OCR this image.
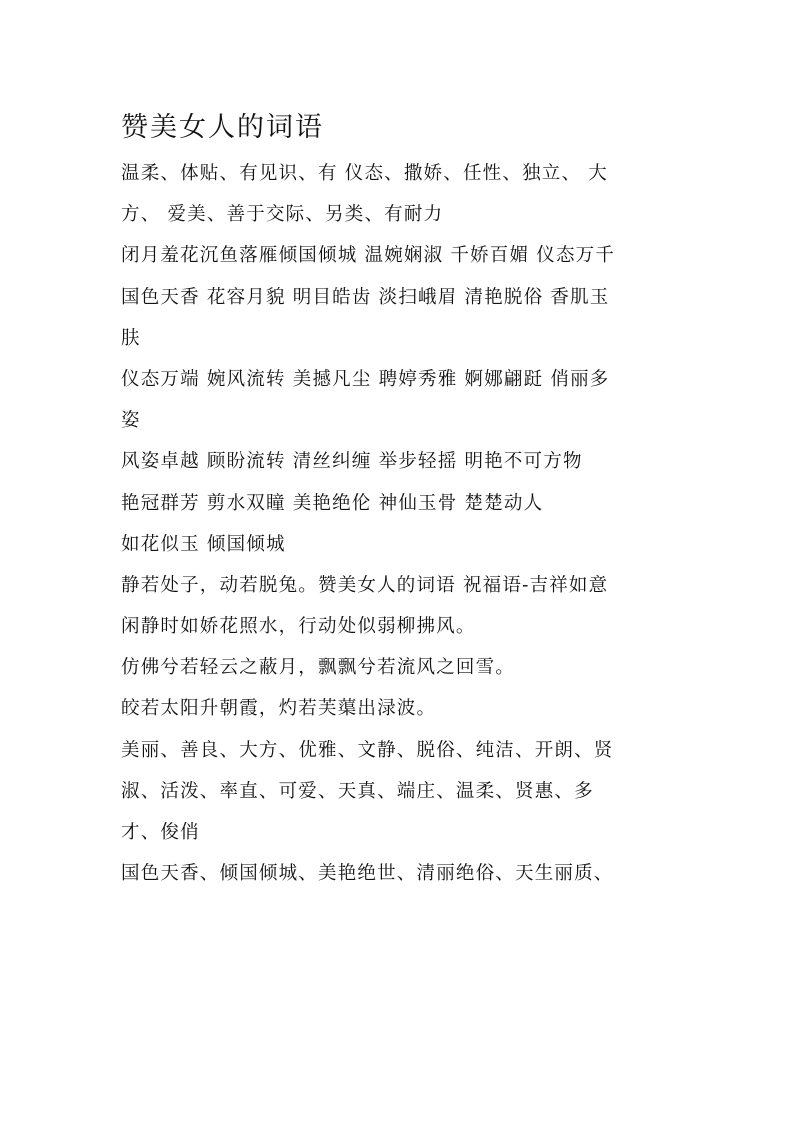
赞美女人的词语
温柔、体贴、有见识、有 仪态、撒娇、任性、独立、 大
方、 爱美、善于交际、另类、有耐力
闭月羞花沉鱼落雁倾国倾城 温婉娴淑 千娇百媚 仪态万千
国色天香 花容月貌 明目皓齿 淡扫峨眉 清艳脱俗 香肌玉
肤
仪态万端 婉风流转 美撼凡尘 聘婷秀雅 婀娜翩跹 俏丽多
姿
风姿卓越 顾盼流转 清丝纠缠 举步轻摇 明艳不可方物
艳冠群芳 剪水双瞳 美艳绝伦 神仙玉骨 楚楚动人
如花似玉 倾国倾城
静若处子，动若脱兔。赞美女人的词语 祝福语-吉祥如意
闲静时如娇花照水，行动处似弱柳拂风。
仿佛兮若轻云之蔽月，飘飘兮若流风之回雪。
皎若太阳升朝霞，灼若芙蕖出渌波。
美丽、善良、大方、优雅、文静、脱俗、纯洁、开朗、贤
淑、活泼、率直、可爱、天真、端庄、温柔、贤惠、多
才、俊俏
国色天香、倾国倾城、美艳绝世、清丽绝俗、天生丽质、
